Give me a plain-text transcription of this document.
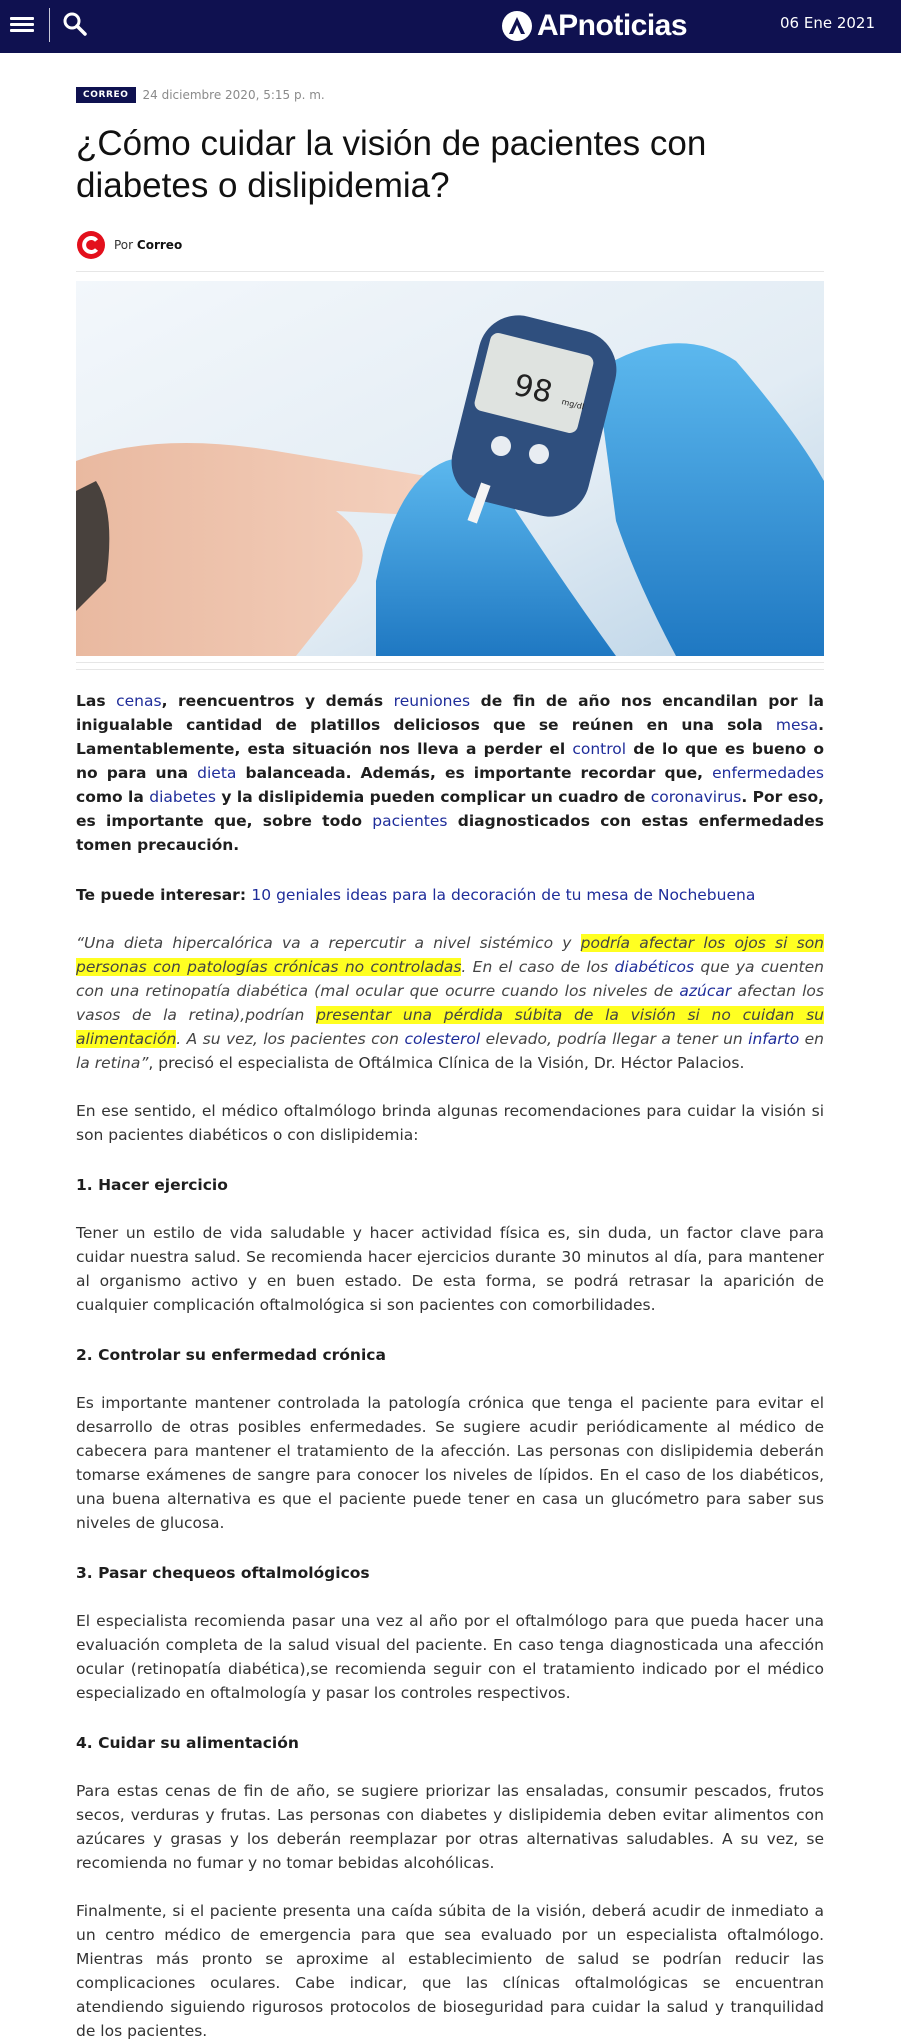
APnoticias	06 Ene 2021
CORREO	24 diciembre 2020, 5:15 p. m.
¿Cómo cuidar la visión de pacientes con diabetes o dislipidemia?
Por Correo
98 mg/dl

Las cenas, reencuentros y demás reuniones de fin de año nos encandilan por la inigualable cantidad de platillos deliciosos que se reúnen en una sola mesa. Lamentablemente, esta situación nos lleva a perder el control de lo que es bueno o no para una dieta balanceada. Además, es importante recordar que, enfermedades como la diabetes y la dislipidemia pueden complicar un cuadro de coronavirus. Por eso, es importante que, sobre todo pacientes diagnosticados con estas enfermedades tomen precaución.

Te puede interesar: 10 geniales ideas para la decoración de tu mesa de Nochebuena

“Una dieta hipercalórica va a repercutir a nivel sistémico y podría afectar los ojos si son personas con patologías crónicas no controladas. En el caso de los diabéticos que ya cuenten con una retinopatía diabética (mal ocular que ocurre cuando los niveles de azúcar afectan los vasos de la retina),podrían presentar una pérdida súbita de la visión si no cuidan su alimentación. A su vez, los pacientes con colesterol elevado, podría llegar a tener un infarto en la retina”, precisó el especialista de Oftálmica Clínica de la Visión, Dr. Héctor Palacios.

En ese sentido, el médico oftalmólogo brinda algunas recomendaciones para cuidar la visión si son pacientes diabéticos o con dislipidemia:

1. Hacer ejercicio

Tener un estilo de vida saludable y hacer actividad física es, sin duda, un factor clave para cuidar nuestra salud. Se recomienda hacer ejercicios durante 30 minutos al día, para mantener al organismo activo y en buen estado. De esta forma, se podrá retrasar la aparición de cualquier complicación oftalmológica si son pacientes con comorbilidades.

2. Controlar su enfermedad crónica

Es importante mantener controlada la patología crónica que tenga el paciente para evitar el desarrollo de otras posibles enfermedades. Se sugiere acudir periódicamente al médico de cabecera para mantener el tratamiento de la afección. Las personas con dislipidemia deberán tomarse exámenes de sangre para conocer los niveles de lípidos. En el caso de los diabéticos, una buena alternativa es que el paciente puede tener en casa un glucómetro para saber sus niveles de glucosa.

3. Pasar chequeos oftalmológicos

El especialista recomienda pasar una vez al año por el oftalmólogo para que pueda hacer una evaluación completa de la salud visual del paciente. En caso tenga diagnosticada una afección ocular (retinopatía diabética),se recomienda seguir con el tratamiento indicado por el médico especializado en oftalmología y pasar los controles respectivos.

4. Cuidar su alimentación

Para estas cenas de fin de año, se sugiere priorizar las ensaladas, consumir pescados, frutos secos, verduras y frutas. Las personas con diabetes y dislipidemia deben evitar alimentos con azúcares y grasas y los deberán reemplazar por otras alternativas saludables. A su vez, se recomienda no fumar y no tomar bebidas alcohólicas.

Finalmente, si el paciente presenta una caída súbita de la visión, deberá acudir de inmediato a un centro médico de emergencia para que sea evaluado por un especialista oftalmólogo. Mientras más pronto se aproxime al establecimiento de salud se podrían reducir las complicaciones oculares. Cabe indicar, que las clínicas oftalmológicas se encuentran atendiendo siguiendo rigurosos protocolos de bioseguridad para cuidar la salud y tranquilidad de los pacientes.
